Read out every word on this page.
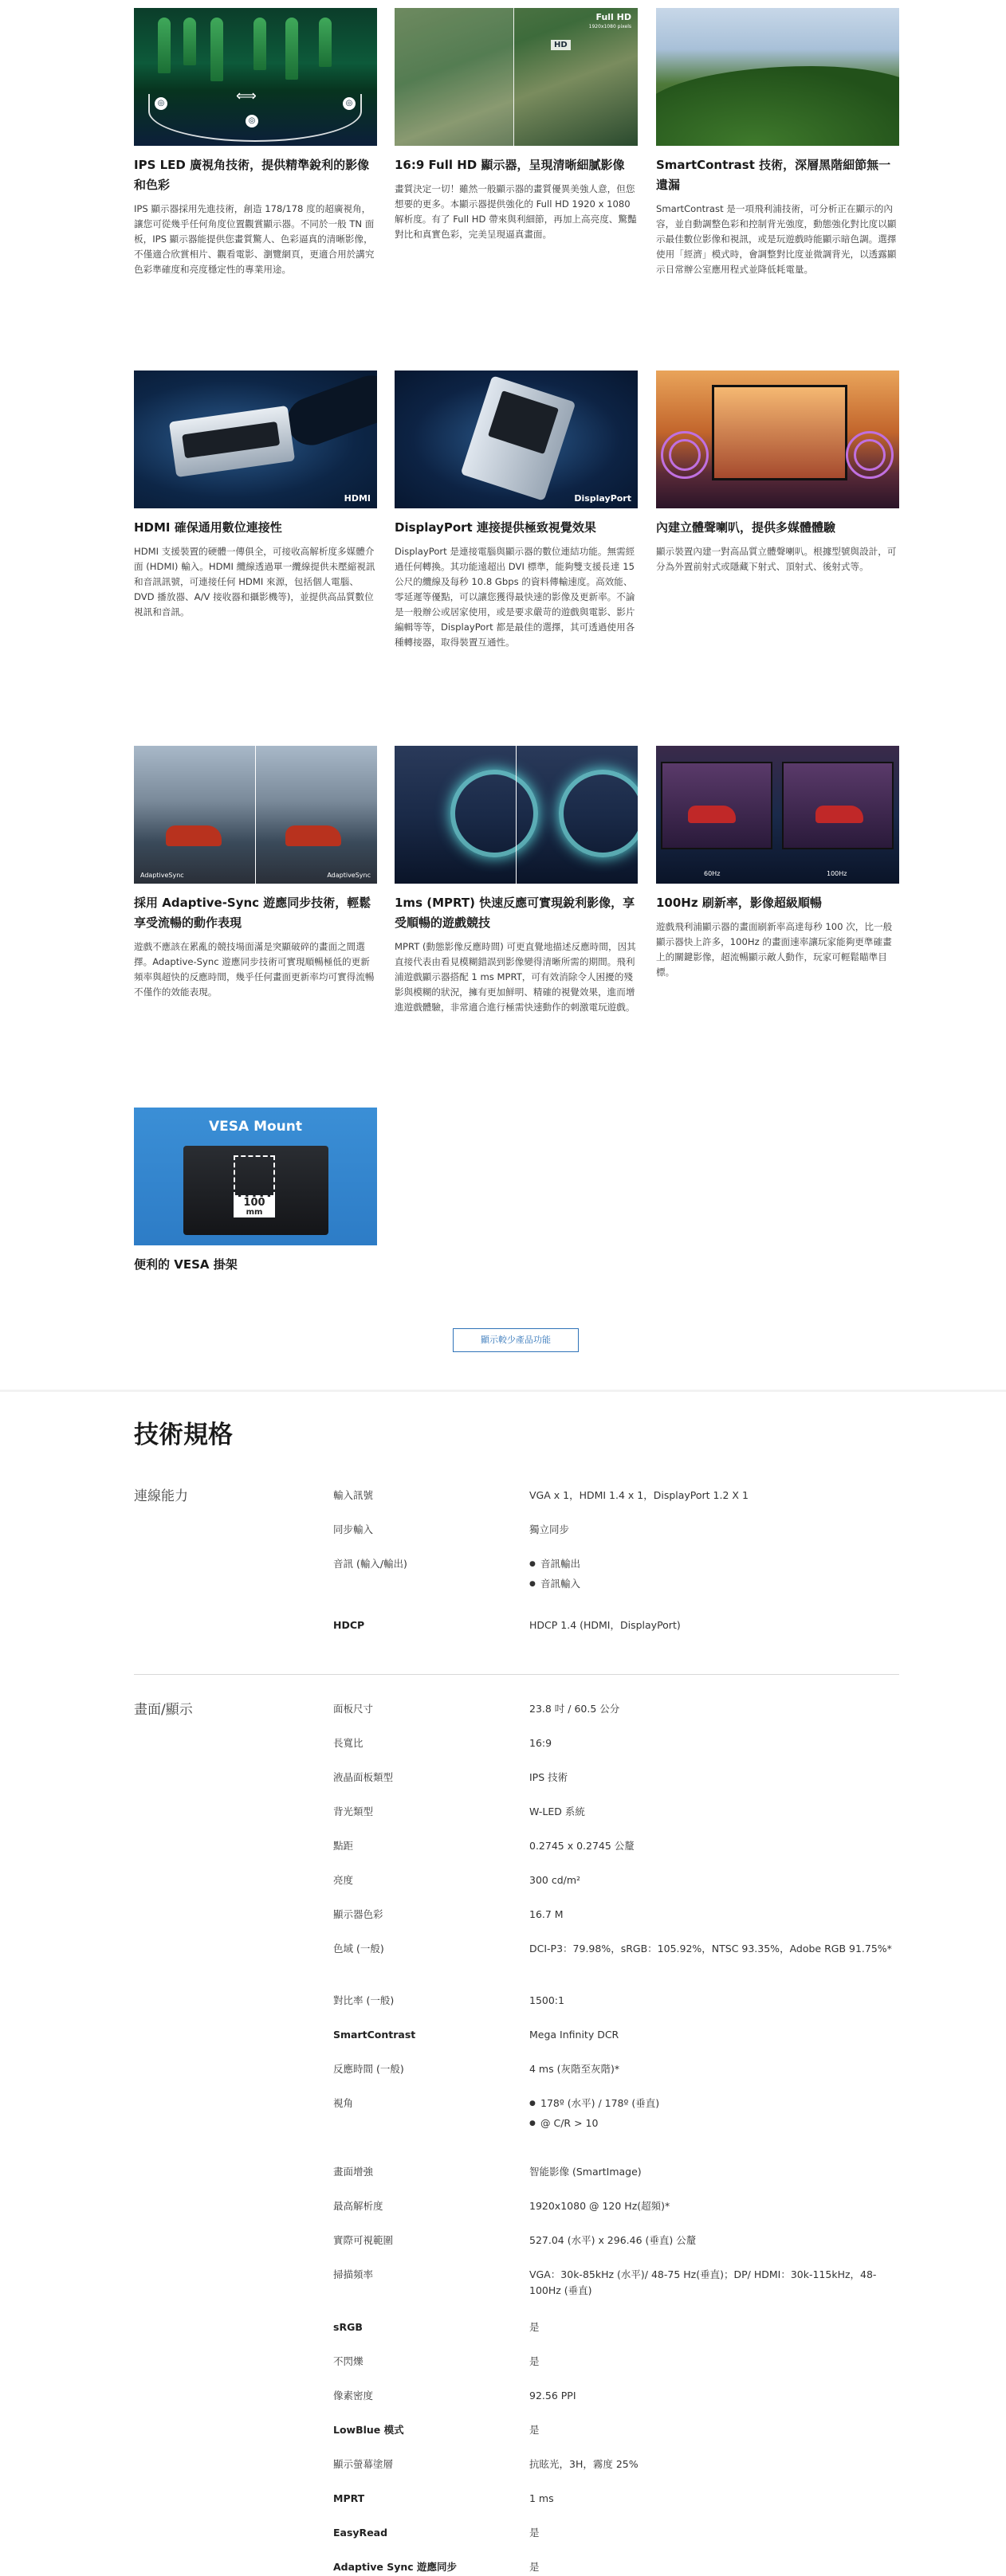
⟺
◎
◎
◎
IPS LED 廣視角技術，提供精準銳利的影像和色彩
IPS 顯示器採用先進技術，創造 178/178 度的超廣視角，讓您可從幾乎任何角度位置觀賞顯示器。不同於一般 TN 面板，IPS 顯示器能提供您畫質驚人、色彩逼真的清晰影像，不僅適合欣賞相片、觀看電影、瀏覽網頁，更適合用於講究色彩準確度和亮度穩定性的專業用途。
Full HD
1920x1080 pixels
HD
16:9 Full HD 顯示器，呈現清晰細膩影像
畫質決定一切！雖然一般顯示器的畫質優異美強人意，但您想要的更多。本顯示器提供強化的 Full HD 1920 x 1080 解析度。有了 Full HD 帶來與利細節，再加上高亮度、驚豔對比和真實色彩，完美呈現逼真畫面。
SmartContrast 技術，深層黑階細節無一遺漏
SmartContrast 是一項飛利浦技術，可分析正在顯示的內容，並自動調整色彩和控制背光強度，動態強化對比度以顯示最佳數位影像和視訊，或是玩遊戲時能顯示暗色調。選擇使用「經濟」模式時，會調整對比度並微調背光，以透露顯示日常辦公室應用程式並降低耗電量。
HDMI
HDMI 確保通用數位連接性
HDMI 支援裝置的硬體一傳俱全，可接收高解析度多媒體介面 (HDMI) 輸入。HDMI 纜線透過單一纜線提供未壓縮視訊和音訊訊號，可連接任何 HDMI 來源，包括個人電腦、DVD 播放器、A/V 接收器和攝影機等)，並提供高品質數位視訊和音訊。
DisplayPort
DisplayPort 連接提供極致視覺效果
DisplayPort 是連接電腦與顯示器的數位連結功能。無需經過任何轉換。其功能遠超出 DVI 標準，能夠雙支援長達 15 公尺的纜線及每秒 10.8 Gbps 的資料傳輸速度。高效能、零延遲等優點，可以讓您獲得最快速的影像及更新率。不論是一般辦公或居家使用，或是要求嚴苛的遊戲與電影、影片編輯等等，DisplayPort 都是最佳的選擇，其可透過使用各種轉接器，取得裝置互通性。
內建立體聲喇叭，提供多媒體體驗
顯示裝置內建一對高品質立體聲喇叭。根據型號與設計，可分為外置前射式或隱藏下射式、頂射式、後射式等。
AdaptiveSync	AdaptiveSync
採用 Adaptive-Sync 遊應同步技術，輕鬆享受流暢的動作表現
遊戲不應該在累亂的競技場面滿是突顯破碎的畫面之間選擇。Adaptive-Sync 遊應同步技術可實現順暢極低的更新頻率與超快的反應時間，幾乎任何畫面更新率均可實得流暢不僅作的效能表現。
1ms (MPRT) 快速反應可實現銳利影像，享受順暢的遊戲競技
MPRT (動態影像反應時間) 可更直覺地描述反應時間，因其直接代表由看見模糊錯誤到影像變得清晰所需的期間。飛利浦遊戲顯示器搭配 1 ms MPRT，可有效消除令人困擾的殘影與模糊的狀況，擁有更加鮮明、精確的視覺效果，進而增進遊戲體驗，非常適合進行極需快速動作的刺激電玩遊戲。
60Hz	100Hz
100Hz 刷新率，影像超級順暢
遊戲飛利浦顯示器的畫面刷新率高達每秒 100 次，比一般顯示器快上許多，100Hz 的畫面速率讓玩家能夠更準確畫上的關鍵影像，超流暢顯示敵人動作，玩家可輕鬆瞄準目標。
VESA Mount
100
mm
便利的 VESA 掛架
顯示較少產品功能
技術規格
連線能力	輸入訊號	VGA x 1，HDMI 1.4 x 1，DisplayPort 1.2 X 1
同步輸入	獨立同步
音訊 (輸入/輸出)	● 音訊輸出
● 音訊輸入
HDCP	HDCP 1.4 (HDMI，DisplayPort)
畫面/顯示	面板尺寸	23.8 吋 / 60.5 公分
長寬比	16:9
液晶面板類型	IPS 技術
背光類型	W-LED 系統
點距	0.2745 x 0.2745 公釐
亮度	300 cd/m²
顯示器色彩	16.7 M
色域 (一般)	DCI-P3：79.98%，sRGB：105.92%，NTSC 93.35%，Adobe RGB 91.75%*
對比率 (一般)	1500:1
SmartContrast	Mega Infinity DCR
反應時間 (一般)	4 ms (灰階至灰階)*
視角	● 178º (水平) / 178º (垂直)
● @ C/R > 10
畫面增強	智能影像 (SmartImage)
最高解析度	1920x1080 @ 120 Hz(超頻)*
實際可視範圍	527.04 (水平) x 296.46 (垂直) 公釐
掃描頻率	VGA：30k-85kHz (水平)/ 48-75 Hz(垂直)；DP/ HDMI：30k-115kHz，48-100Hz (垂直)
sRGB	是
不閃爍	是
像素密度	92.56 PPI
LowBlue 模式	是
顯示螢幕塗層	抗眩光，3H，霧度 25%
MPRT	1 ms
EasyRead	是
Adaptive Sync 遊應同步	是
